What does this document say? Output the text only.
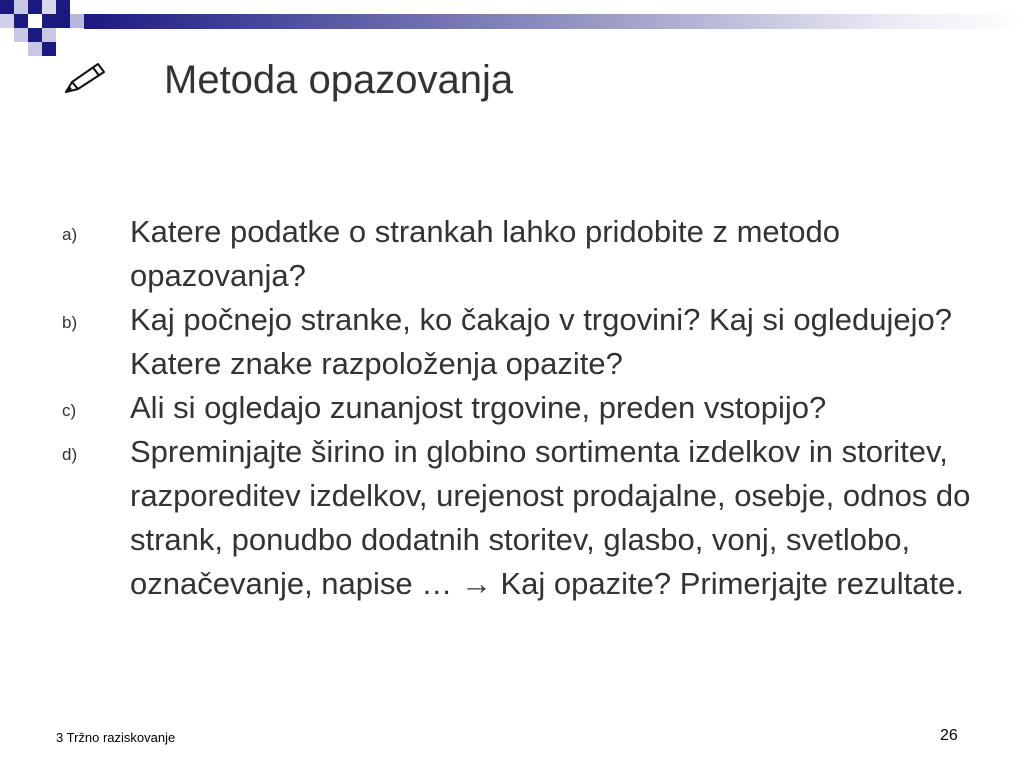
Metoda opazovanja
a) Katere podatke o strankah lahko pridobite z metodo opazovanja?
b) Kaj počnejo stranke, ko čakajo v trgovini? Kaj si ogledujejo? Katere znake razpoloženja opazite?
c) Ali si ogledajo zunanjost trgovine, preden vstopijo?
d) Spreminjajte širino in globino sortimenta izdelkov in storitev, razporeditev izdelkov, urejenost prodajalne, osebje, odnos do strank, ponudbo dodatnih storitev, glasbo, vonj, svetlobo, označevanje, napise … → Kaj opazite? Primerjajte rezultate.
3 Tržno raziskovanje	26
